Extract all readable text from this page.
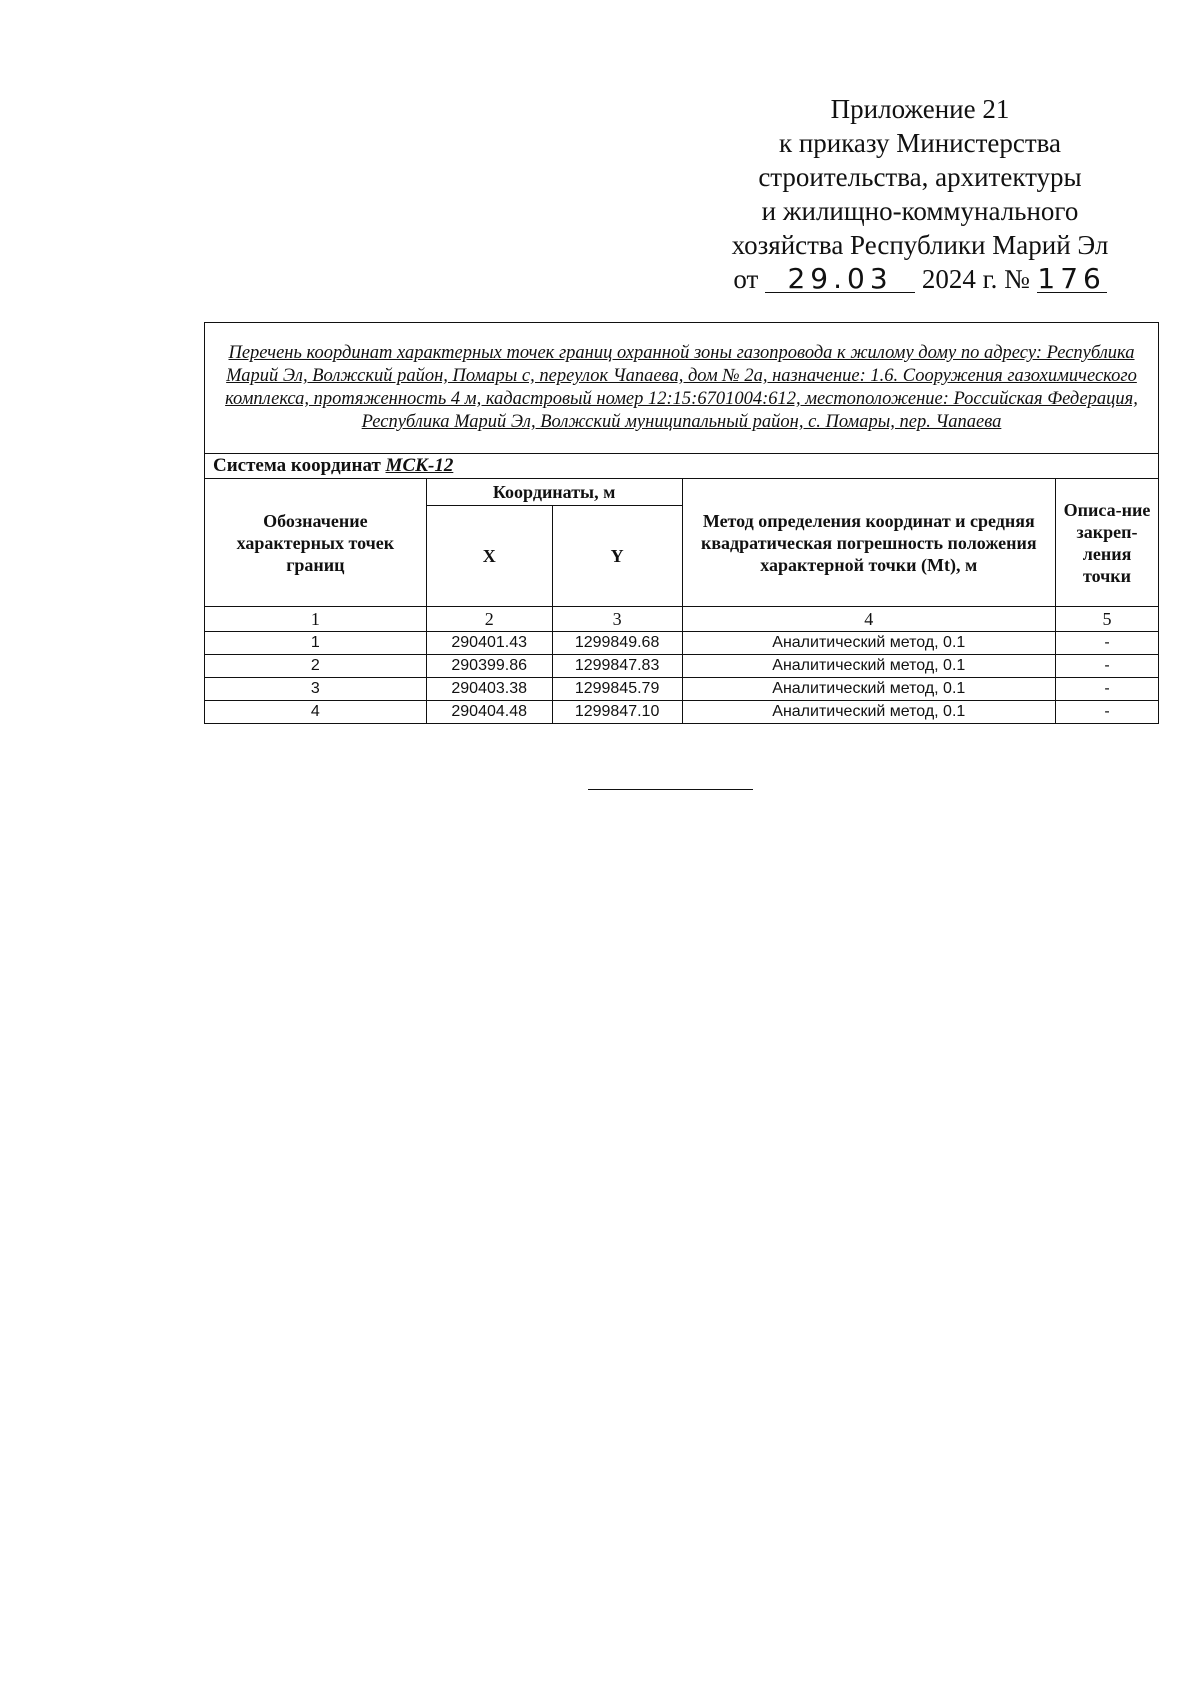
Приложение 21
к приказу Министерства
строительства, архитектуры
и жилищно-коммунального
хозяйства Республики Марий Эл
от 29.03 2024 г. № 176
Перечень координат характерных точек границ охранной зоны газопровода к жилому дому по адресу: Республика Марий Эл, Волжский район, Помары с, переулок Чапаева, дом № 2а, назначение: 1.6. Сооружения газохимического комплекса, протяженность 4 м, кадастровый номер 12:15:6701004:612, местоположение: Российская Федерация, Республика Марий Эл, Волжский муниципальный район, с. Помары, пер. Чапаева				
Система координат МСК-12				
Обозначение характерных точек границ	Координаты, м		Метод определения координат и средняя квадратическая погрешность положения характерной точки (Mt), м	Описа-ние закреп-ления точки
	X	Y		
1	2	3	4	5
1	290401.43	1299849.68	Аналитический метод, 0.1	-
2	290399.86	1299847.83	Аналитический метод, 0.1	-
3	290403.38	1299845.79	Аналитический метод, 0.1	-
4	290404.48	1299847.10	Аналитический метод, 0.1	-
